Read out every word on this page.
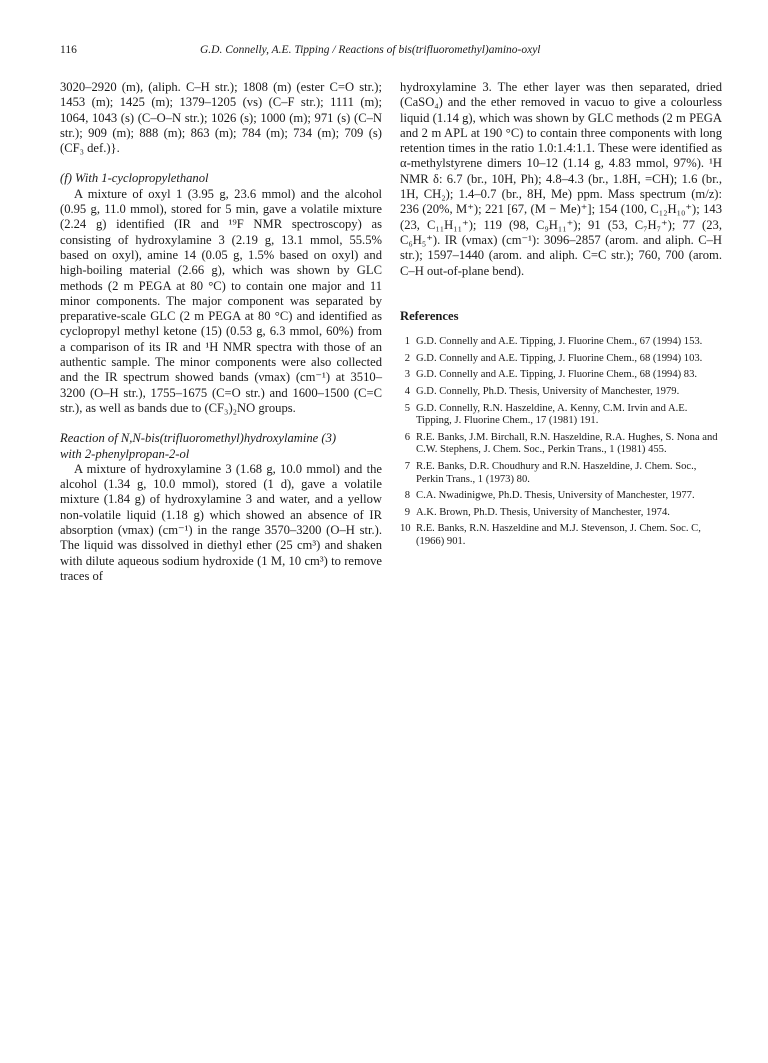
116	G.D. Connelly, A.E. Tipping / Reactions of bis(trifluoromethyl)amino-oxyl

3020–2920 (m), (aliph. C–H str.); 1808 (m) (ester C=O str.); 1453 (m); 1425 (m); 1379–1205 (vs) (C–F str.); 1111 (m); 1064, 1043 (s) (C–O–N str.); 1026 (s); 1000 (m); 971 (s) (C–N str.); 909 (m); 888 (m); 863 (m); 784 (m); 734 (m); 709 (s) (CF₃ def.)}.

(f) With 1-cyclopropylethanol

A mixture of oxyl 1 (3.95 g, 23.6 mmol) and the alcohol (0.95 g, 11.0 mmol), stored for 5 min, gave a volatile mixture (2.24 g) identified (IR and ¹⁹F NMR spectroscopy) as consisting of hydroxylamine 3 (2.19 g, 13.1 mmol, 55.5% based on oxyl), amine 14 (0.05 g, 1.5% based on oxyl) and high-boiling material (2.66 g), which was shown by GLC methods (2 m PEGA at 80 °C) to contain one major and 11 minor components. The major component was separated by preparative-scale GLC (2 m PEGA at 80 °C) and identified as cyclopropyl methyl ketone (15) (0.53 g, 6.3 mmol, 60%) from a comparison of its IR and ¹H NMR spectra with those of an authentic sample. The minor components were also collected and the IR spectrum showed bands (νmax) (cm⁻¹) at 3510–3200 (O–H str.), 1755–1675 (C=O str.) and 1600–1500 (C=C str.), as well as bands due to (CF₃)₂NO groups.

Reaction of N,N-bis(trifluoromethyl)hydroxylamine (3)

with 2-phenylpropan-2-ol

A mixture of hydroxylamine 3 (1.68 g, 10.0 mmol) and the alcohol (1.34 g, 10.0 mmol), stored (1 d), gave a volatile mixture (1.84 g) of hydroxylamine 3 and water, and a yellow non-volatile liquid (1.18 g) which showed an absence of IR absorption (νmax) (cm⁻¹) in the range 3570–3200 (O–H str.). The liquid was dissolved in diethyl ether (25 cm³) and shaken with dilute aqueous sodium hydroxide (1 M, 10 cm³) to remove traces of

hydroxylamine 3. The ether layer was then separated, dried (CaSO₄) and the ether removed in vacuo to give a colourless liquid (1.14 g), which was shown by GLC methods (2 m PEGA and 2 m APL at 190 °C) to contain three components with long retention times in the ratio 1.0:1.4:1.1. These were identified as α-methylstyrene dimers 10–12 (1.14 g, 4.83 mmol, 97%). ¹H NMR δ: 6.7 (br., 10H, Ph); 4.8–4.3 (br., 1.8H, =CH); 1.6 (br., 1H, CH₂); 1.4–0.7 (br., 8H, Me) ppm. Mass spectrum (m/z): 236 (20%, M⁺); 221 [67, (M − Me)⁺]; 154 (100, C₁₂H₁₀⁺); 143 (23, C₁₁H₁₁⁺); 119 (98, C₉H₁₁⁺); 91 (53, C₇H₇⁺); 77 (23, C₆H₅⁺). IR (νmax) (cm⁻¹): 3096–2857 (arom. and aliph. C–H str.); 1597–1440 (arom. and aliph. C=C str.); 760, 700 (arom. C–H out-of-plane bend).

References
1 G.D. Connelly and A.E. Tipping, J. Fluorine Chem., 67 (1994) 153.
2 G.D. Connelly and A.E. Tipping, J. Fluorine Chem., 68 (1994) 103.
3 G.D. Connelly and A.E. Tipping, J. Fluorine Chem., 68 (1994) 83.
4 G.D. Connelly, Ph.D. Thesis, University of Manchester, 1979.
5 G.D. Connelly, R.N. Haszeldine, A. Kenny, C.M. Irvin and A.E. Tipping, J. Fluorine Chem., 17 (1981) 191.
6 R.E. Banks, J.M. Birchall, R.N. Haszeldine, R.A. Hughes, S. Nona and C.W. Stephens, J. Chem. Soc., Perkin Trans., 1 (1981) 455.
7 R.E. Banks, D.R. Choudhury and R.N. Haszeldine, J. Chem. Soc., Perkin Trans., 1 (1973) 80.
8 C.A. Nwadinigwe, Ph.D. Thesis, University of Manchester, 1977.
9 A.K. Brown, Ph.D. Thesis, University of Manchester, 1974.
10 R.E. Banks, R.N. Haszeldine and M.J. Stevenson, J. Chem. Soc. C, (1966) 901.
